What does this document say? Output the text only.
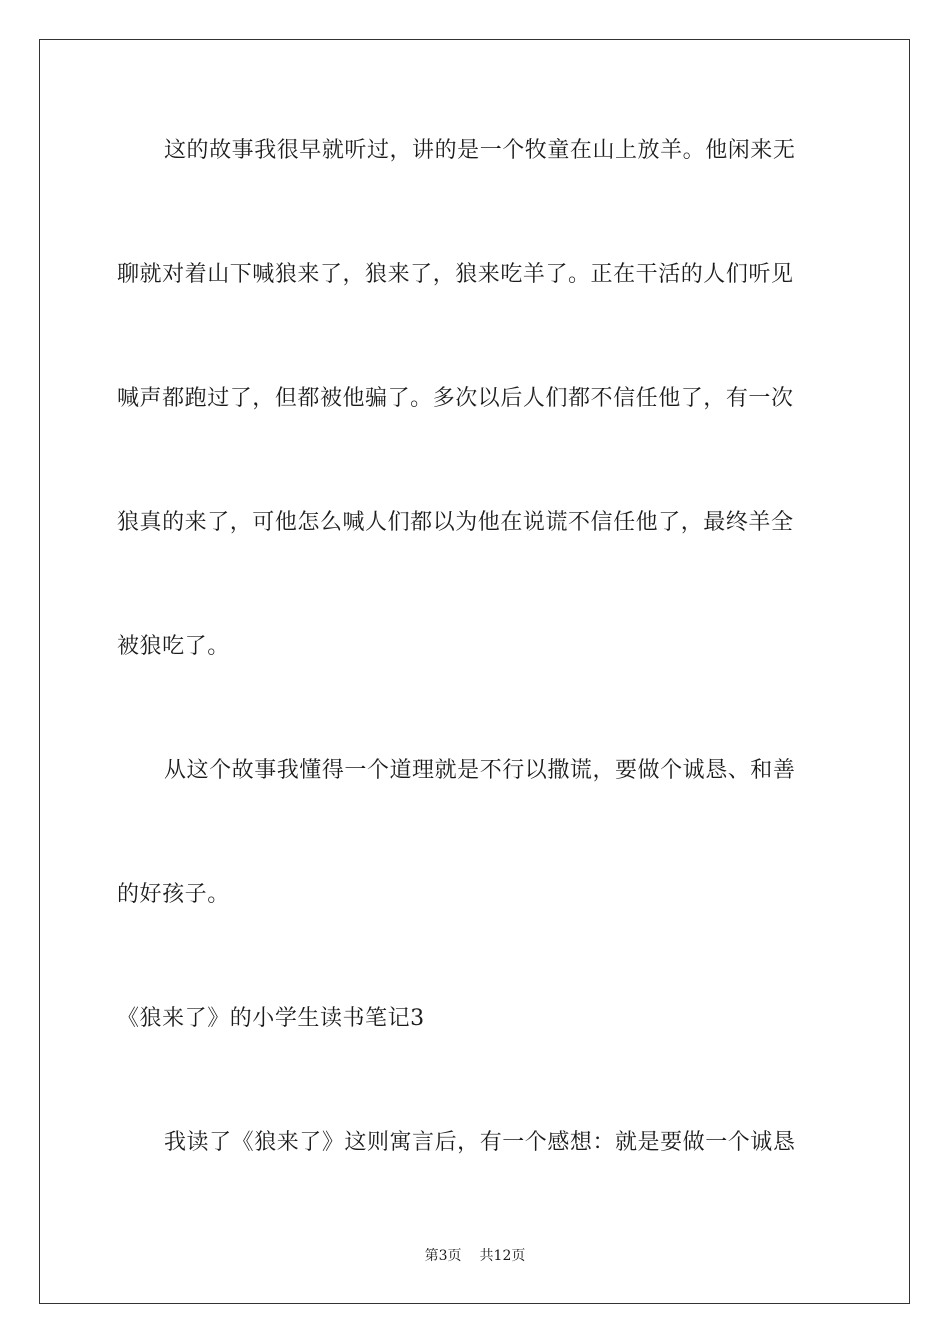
这的故事我很早就听过，讲的是一个牧童在山上放羊。他闲来无
聊就对着山下喊狼来了，狼来了，狼来吃羊了。正在干活的人们听见
喊声都跑过了，但都被他骗了。多次以后人们都不信任他了，有一次
狼真的来了，可他怎么喊人们都以为他在说谎不信任他了，最终羊全
被狼吃了。
从这个故事我懂得一个道理就是不行以撒谎，要做个诚恳、和善
的好孩子。
《狼来了》的小学生读书笔记3
我读了《狼来了》这则寓言后，有一个感想：就是要做一个诚恳
第3页 共12页
